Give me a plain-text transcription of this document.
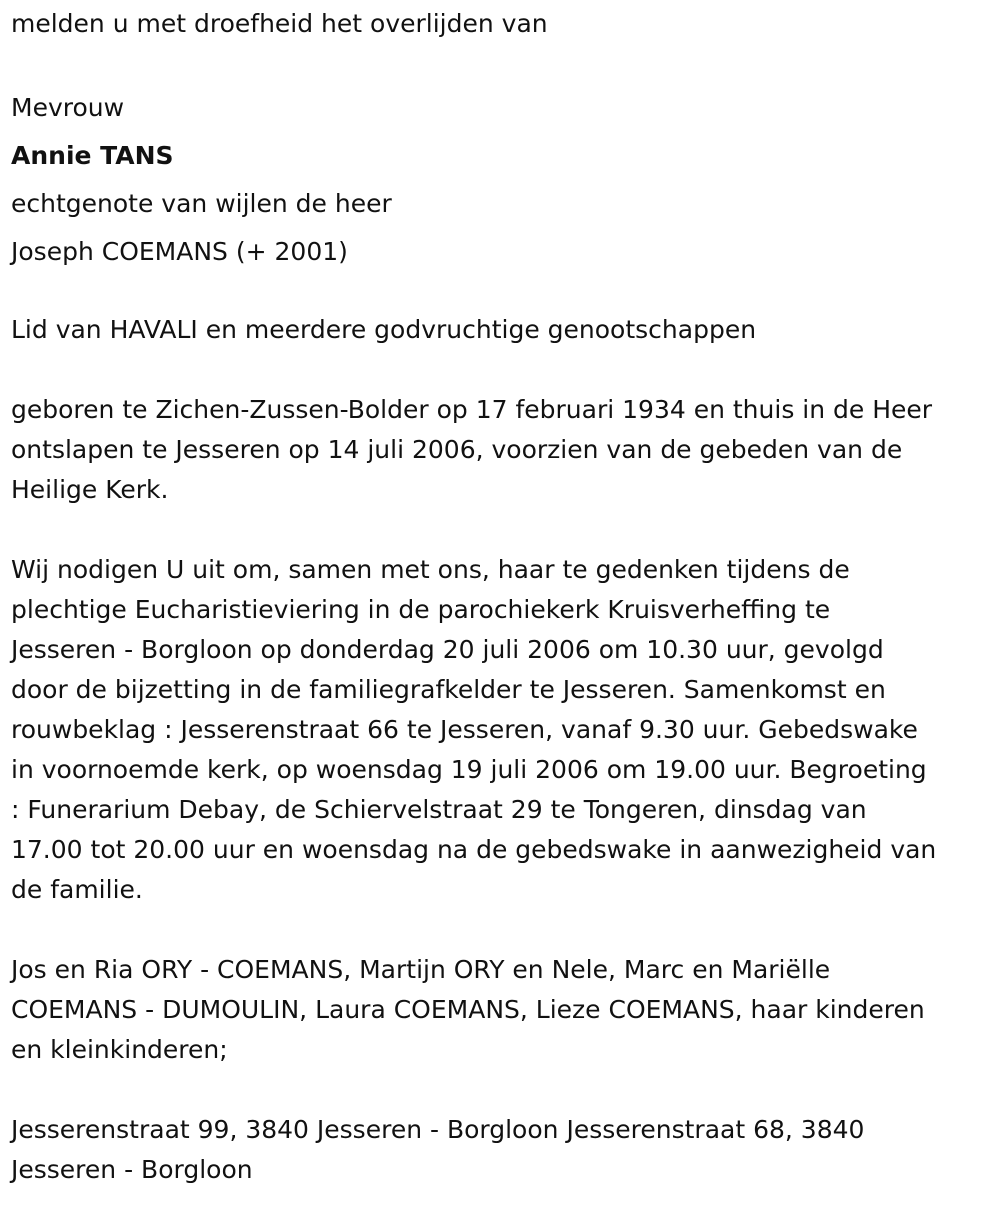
melden u met droefheid het overlijden van

Mevrouw

Annie TANS

echtgenote van wijlen de heer

Joseph COEMANS (+ 2001)

Lid van HAVALI en meerdere godvruchtige genootschappen

geboren te Zichen-Zussen-Bolder op 17 februari 1934 en thuis in de Heer

ontslapen te Jesseren op 14 juli 2006, voorzien van de gebeden van de

Heilige Kerk.

Wij nodigen U uit om, samen met ons, haar te gedenken tijdens de

plechtige Eucharistieviering in de parochiekerk Kruisverheffing te

Jesseren - Borgloon op donderdag 20 juli 2006 om 10.30 uur, gevolgd

door de bijzetting in de familiegrafkelder te Jesseren. Samenkomst en

rouwbeklag : Jesserenstraat 66 te Jesseren, vanaf 9.30 uur. Gebedswake

in voornoemde kerk, op woensdag 19 juli 2006 om 19.00 uur. Begroeting

: Funerarium Debay, de Schiervelstraat 29 te Tongeren, dinsdag van

17.00 tot 20.00 uur en woensdag na de gebedswake in aanwezigheid van

de familie.

Jos en Ria ORY - COEMANS, Martijn ORY en Nele, Marc en Mariëlle

COEMANS - DUMOULIN, Laura COEMANS, Lieze COEMANS, haar kinderen

en kleinkinderen;

Jesserenstraat 99, 3840 Jesseren - Borgloon Jesserenstraat 68, 3840

Jesseren - Borgloon
